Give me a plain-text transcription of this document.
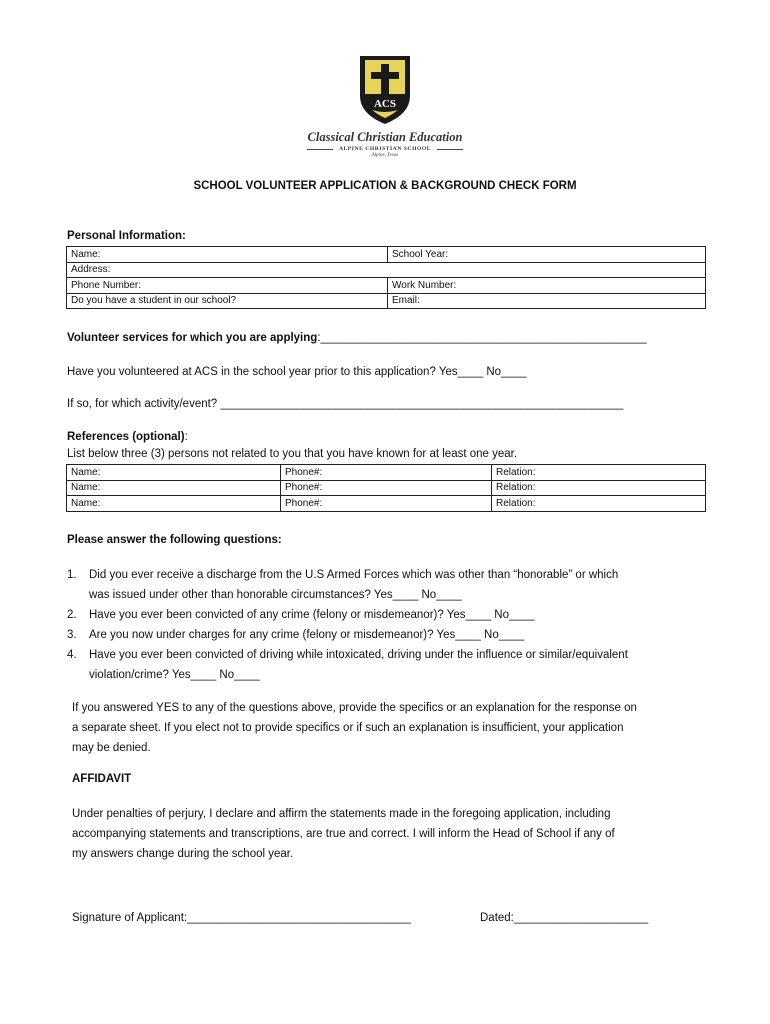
ACS
Classical Christian Education
ALPINE CHRISTIAN SCHOOL
Alpine, Texas
SCHOOL VOLUNTEER APPLICATION & BACKGROUND CHECK FORM
Personal Information:
Name:	School Year:
Address:	
Phone Number:	Work Number:
Do you have a student in our school?	Email:
Volunteer services for which you are applying:___________________________________________________
Have you volunteered at ACS in the school year prior to this application? Yes____ No____
If so, for which activity/event? _______________________________________________________________
References (optional):
List below three (3) persons not related to you that you have known for at least one year.
Name:	Phone#:	Relation:
Name:	Phone#:	Relation:
Name:	Phone#:	Relation:
Please answer the following questions:
1. Did you ever receive a discharge from the U.S Armed Forces which was other than “honorable” or which
was issued under other than honorable circumstances? Yes____ No____
2. Have you ever been convicted of any crime (felony or misdemeanor)? Yes____ No____
3. Are you now under charges for any crime (felony or misdemeanor)? Yes____ No____
4. Have you ever been convicted of driving while intoxicated, driving under the influence or similar/equivalent
violation/crime? Yes____ No____
If you answered YES to any of the questions above, provide the specifics or an explanation for the response on
a separate sheet. If you elect not to provide specifics or if such an explanation is insufficient, your application
may be denied.
AFFIDAVIT
Under penalties of perjury, I declare and affirm the statements made in the foregoing application, including
accompanying statements and transcriptions, are true and correct. I will inform the Head of School if any of
my answers change during the school year.
Signature of Applicant:___________________________________	Dated:_____________________
